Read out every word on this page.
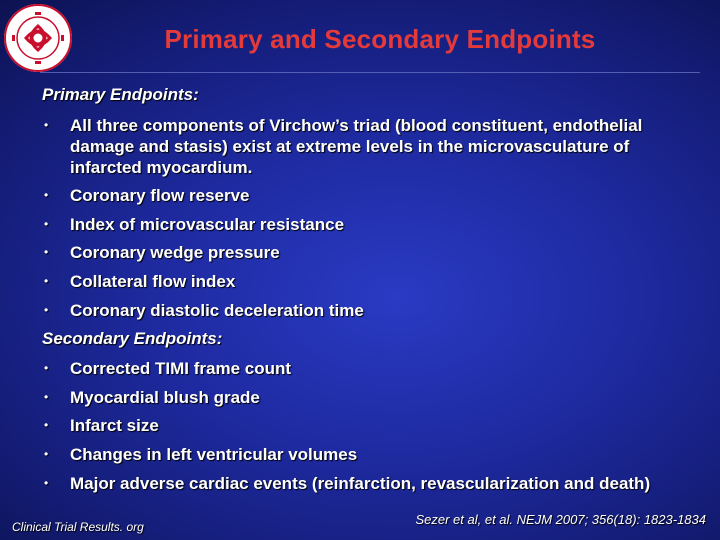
Primary and Secondary Endpoints
Primary Endpoints:
• All three components of Virchow’s triad (blood constituent, endothelial damage and stasis) exist at extreme levels in the microvasculature of infarcted myocardium.
• Coronary flow reserve
• Index of microvascular resistance
• Coronary wedge pressure
• Collateral flow index
• Coronary diastolic deceleration time
Secondary Endpoints:
• Corrected TIMI frame count
• Myocardial blush grade
• Infarct size
• Changes in left ventricular volumes
• Major adverse cardiac events (reinfarction, revascularization and death)
Clinical Trial Results. org	Sezer et al, et al. NEJM 2007; 356(18): 1823-1834
